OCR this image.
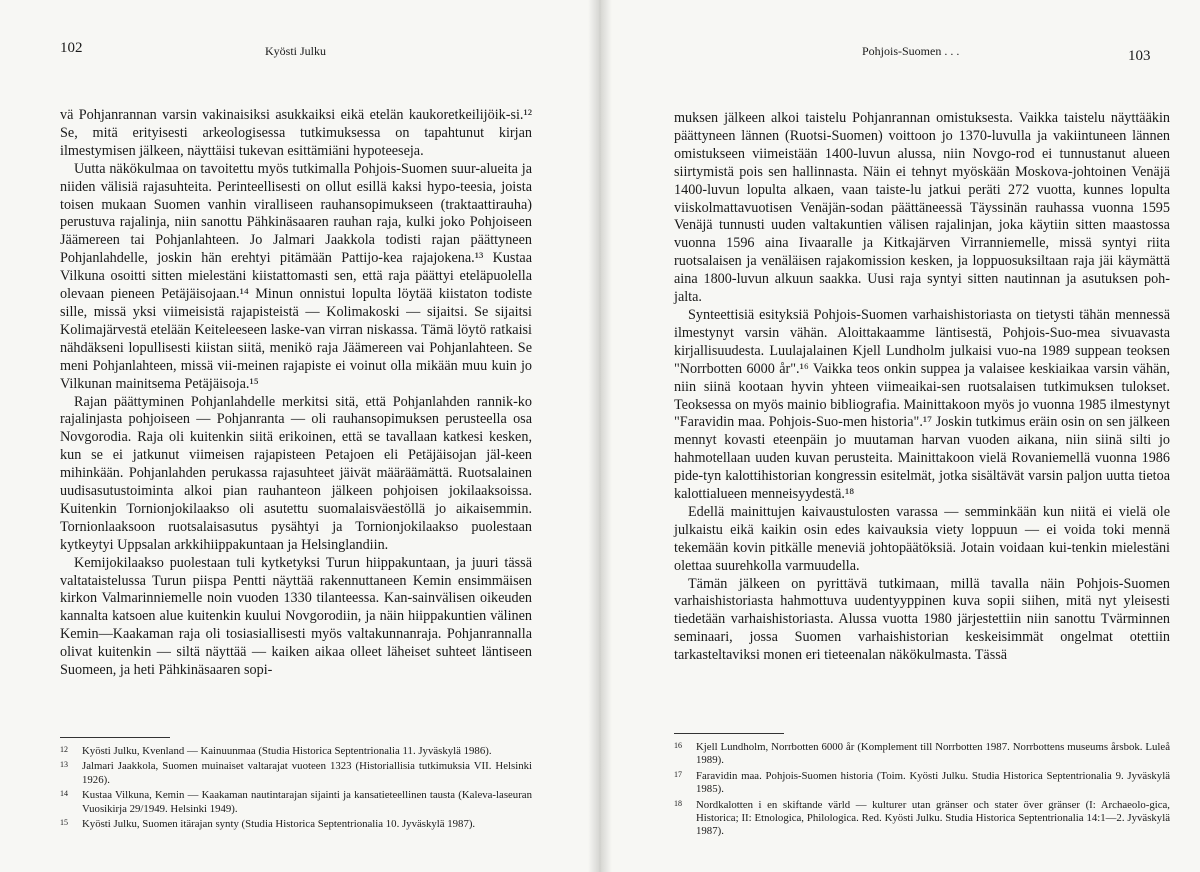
102	Kyösti Julku

vä Pohjanrannan varsin vakinaisiksi asukkaiksi eikä etelän kaukoretkeilijöik-si.¹² Se, mitä erityisesti arkeologisessa tutkimuksessa on tapahtunut kirjan ilmestymisen jälkeen, näyttäisi tukevan esittämiäni hypoteeseja.

Uutta näkökulmaa on tavoitettu myös tutkimalla Pohjois-Suomen suur-alueita ja niiden välisiä rajasuhteita. Perinteellisesti on ollut esillä kaksi hypo-teesia, joista toisen mukaan Suomen vanhin viralliseen rauhansopimukseen (traktaattirauha) perustuva rajalinja, niin sanottu Pähkinäsaaren rauhan raja, kulki joko Pohjoiseen Jäämereen tai Pohjanlahteen. Jo Jalmari Jaakkola todisti rajan päättyneen Pohjanlahdelle, joskin hän erehtyi pitämään Pattijo-kea rajajokena.¹³ Kustaa Vilkuna osoitti sitten mielestäni kiistattomasti sen, että raja päättyi eteläpuolella olevaan pieneen Petäjäisojaan.¹⁴ Minun onnistui lopulta löytää kiistaton todiste sille, missä yksi viimeisistä rajapisteistä — Kolimakoski — sijaitsi. Se sijaitsi Kolimajärvestä etelään Keiteleeseen laske-van virran niskassa. Tämä löytö ratkaisi nähdäkseni lopullisesti kiistan siitä, menikö raja Jäämereen vai Pohjanlahteen. Se meni Pohjanlahteen, missä vii-meinen rajapiste ei voinut olla mikään muu kuin jo Vilkunan mainitsema Petäjäisoja.¹⁵

Rajan päättyminen Pohjanlahdelle merkitsi sitä, että Pohjanlahden rannik-ko rajalinjasta pohjoiseen — Pohjanranta — oli rauhansopimuksen perusteella osa Novgorodia. Raja oli kuitenkin siitä erikoinen, että se tavallaan katkesi kesken, kun se ei jatkunut viimeisen rajapisteen Petajoen eli Petäjäisojan jäl-keen mihinkään. Pohjanlahden perukassa rajasuhteet jäivät määräämättä. Ruotsalainen uudisasutustoiminta alkoi pian rauhanteon jälkeen pohjoisen jokilaaksoissa. Kuitenkin Tornionjokilaakso oli asutettu suomalaisväestöllä jo aikaisemmin. Tornionlaaksoon ruotsalaisasutus pysähtyi ja Tornionjokilaakso puolestaan kytkeytyi Uppsalan arkkihiippakuntaan ja Helsinglandiin.

Kemijokilaakso puolestaan tuli kytketyksi Turun hiippakuntaan, ja juuri tässä valtataistelussa Turun piispa Pentti näyttää rakennuttaneen Kemin ensimmäisen kirkon Valmarinniemelle noin vuoden 1330 tilanteessa. Kan-sainvälisen oikeuden kannalta katsoen alue kuitenkin kuului Novgorodiin, ja näin hiippakuntien välinen Kemin—Kaakaman raja oli tosiasiallisesti myös valtakunnanraja. Pohjanrannalla olivat kuitenkin — siltä näyttää — kaiken aikaa olleet läheiset suhteet läntiseen Suomeen, ja heti Pähkinäsaaren sopi-

12 Kyösti Julku, Kvenland — Kainuunmaa (Studia Historica Septentrionalia 11. Jyväskylä 1986).
13 Jalmari Jaakkola, Suomen muinaiset valtarajat vuoteen 1323 (Historiallisia tutkimuksia VII. Helsinki 1926).
14 Kustaa Vilkuna, Kemin — Kaakaman nautintarajan sijainti ja kansatieteellinen tausta (Kaleva-laseuran Vuosikirja 29/1949. Helsinki 1949).
15 Kyösti Julku, Suomen itärajan synty (Studia Historica Septentrionalia 10. Jyväskylä 1987).
Pohjois-Suomen . . .	103

muksen jälkeen alkoi taistelu Pohjanrannan omistuksesta. Vaikka taistelu näyttääkin päättyneen lännen (Ruotsi-Suomen) voittoon jo 1370-luvulla ja vakiintuneen lännen omistukseen viimeistään 1400-luvun alussa, niin Novgo-rod ei tunnustanut alueen siirtymistä pois sen hallinnasta. Näin ei tehnyt myöskään Moskova-johtoinen Venäjä 1400-luvun lopulta alkaen, vaan taiste-lu jatkui peräti 272 vuotta, kunnes lopulta viiskolmattavuotisen Venäjän-sodan päättäneessä Täyssinän rauhassa vuonna 1595 Venäjä tunnusti uuden valtakuntien välisen rajalinjan, joka käytiin sitten maastossa vuonna 1596 aina Iivaaralle ja Kitkajärven Virranniemelle, missä syntyi riita ruotsalaisen ja venäläisen rajakomission kesken, ja loppuosuksiltaan raja jäi käymättä aina 1800-luvun alkuun saakka. Uusi raja syntyi sitten nautinnan ja asutuksen poh-jalta.

Synteettisiä esityksiä Pohjois-Suomen varhaishistoriasta on tietysti tähän mennessä ilmestynyt varsin vähän. Aloittakaamme läntisestä, Pohjois-Suo-mea sivuavasta kirjallisuudesta. Luulajalainen Kjell Lundholm julkaisi vuo-na 1989 suppean teoksen "Norrbotten 6000 år".¹⁶ Vaikka teos onkin suppea ja valaisee keskiaikaa varsin vähän, niin siinä kootaan hyvin yhteen viimeaikai-sen ruotsalaisen tutkimuksen tulokset. Teoksessa on myös mainio bibliografia. Mainittakoon myös jo vuonna 1985 ilmestynyt "Faravidin maa. Pohjois-Suo-men historia".¹⁷ Joskin tutkimus eräin osin on sen jälkeen mennyt kovasti eteenpäin jo muutaman harvan vuoden aikana, niin siinä silti jo hahmotellaan uuden kuvan perusteita. Mainittakoon vielä Rovaniemellä vuonna 1986 pide-tyn kalottihistorian kongressin esitelmät, jotka sisältävät varsin paljon uutta tietoa kalottialueen menneisyydestä.¹⁸

Edellä mainittujen kaivaustulosten varassa — semminkään kun niitä ei vielä ole julkaistu eikä kaikin osin edes kaivauksia viety loppuun — ei voida toki mennä tekemään kovin pitkälle meneviä johtopäätöksiä. Jotain voidaan kui-tenkin mielestäni olettaa suurehkolla varmuudella.

Tämän jälkeen on pyrittävä tutkimaan, millä tavalla näin Pohjois-Suomen varhaishistoriasta hahmottuva uudentyyppinen kuva sopii siihen, mitä nyt yleisesti tiedetään varhaishistoriasta. Alussa vuotta 1980 järjestettiin niin sanottu Tvärminnen seminaari, jossa Suomen varhaishistorian keskeisimmät ongelmat otettiin tarkasteltaviksi monen eri tieteenalan näkökulmasta. Tässä

16 Kjell Lundholm, Norrbotten 6000 år (Komplement till Norrbotten 1987. Norrbottens museums årsbok. Luleå 1989).
17 Faravidin maa. Pohjois-Suomen historia (Toim. Kyösti Julku. Studia Historica Septentrionalia 9. Jyväskylä 1985).
18 Nordkalotten i en skiftande värld — kulturer utan gränser och stater över gränser (I: Archaeolo-gica, Historica; II: Etnologica, Philologica. Red. Kyösti Julku. Studia Historica Septentrionalia 14:1—2. Jyväskylä 1987).
